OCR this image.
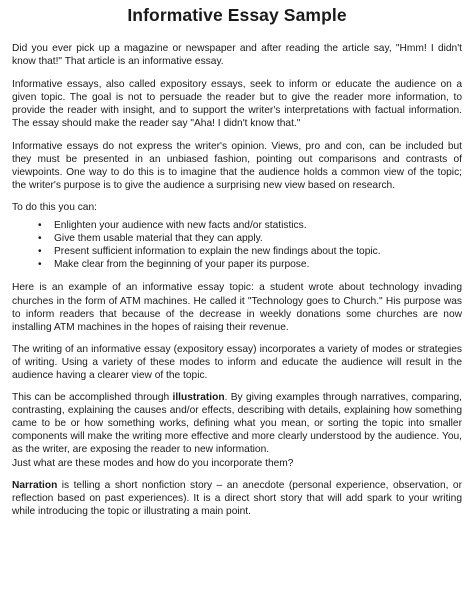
Informative Essay Sample

Did you ever pick up a magazine or newspaper and after reading the article say, "Hmm! I didn't know that!" That article is an informative essay.

Informative essays, also called expository essays, seek to inform or educate the audience on a given topic. The goal is not to persuade the reader but to give the reader more information, to provide the reader with insight, and to support the writer's interpretations with factual information. The essay should make the reader say "Aha! I didn't know that."

Informative essays do not express the writer's opinion. Views, pro and con, can be included but they must be presented in an unbiased fashion, pointing out comparisons and contrasts of viewpoints. One way to do this is to imagine that the audience holds a common view of the topic; the writer's purpose is to give the audience a surprising new view based on research.

To do this you can:

• Enlighten your audience with new facts and/or statistics.
• Give them usable material that they can apply.
• Present sufficient information to explain the new findings about the topic.
• Make clear from the beginning of your paper its purpose.

Here is an example of an informative essay topic: a student wrote about technology invading churches in the form of ATM machines. He called it "Technology goes to Church." His purpose was to inform readers that because of the decrease in weekly donations some churches are now installing ATM machines in the hopes of raising their revenue.

The writing of an informative essay (expository essay) incorporates a variety of modes or strategies of writing. Using a variety of these modes to inform and educate the audience will result in the audience having a clearer view of the topic.

This can be accomplished through illustration. By giving examples through narratives, comparing, contrasting, explaining the causes and/or effects, describing with details, explaining how something came to be or how something works, defining what you mean, or sorting the topic into smaller components will make the writing more effective and more clearly understood by the audience. You, as the writer, are exposing the reader to new information.

Just what are these modes and how do you incorporate them?

Narration is telling a short nonfiction story – an anecdote (personal experience, observation, or reflection based on past experiences). It is a direct short story that will add spark to your writing while introducing the topic or illustrating a main point.
